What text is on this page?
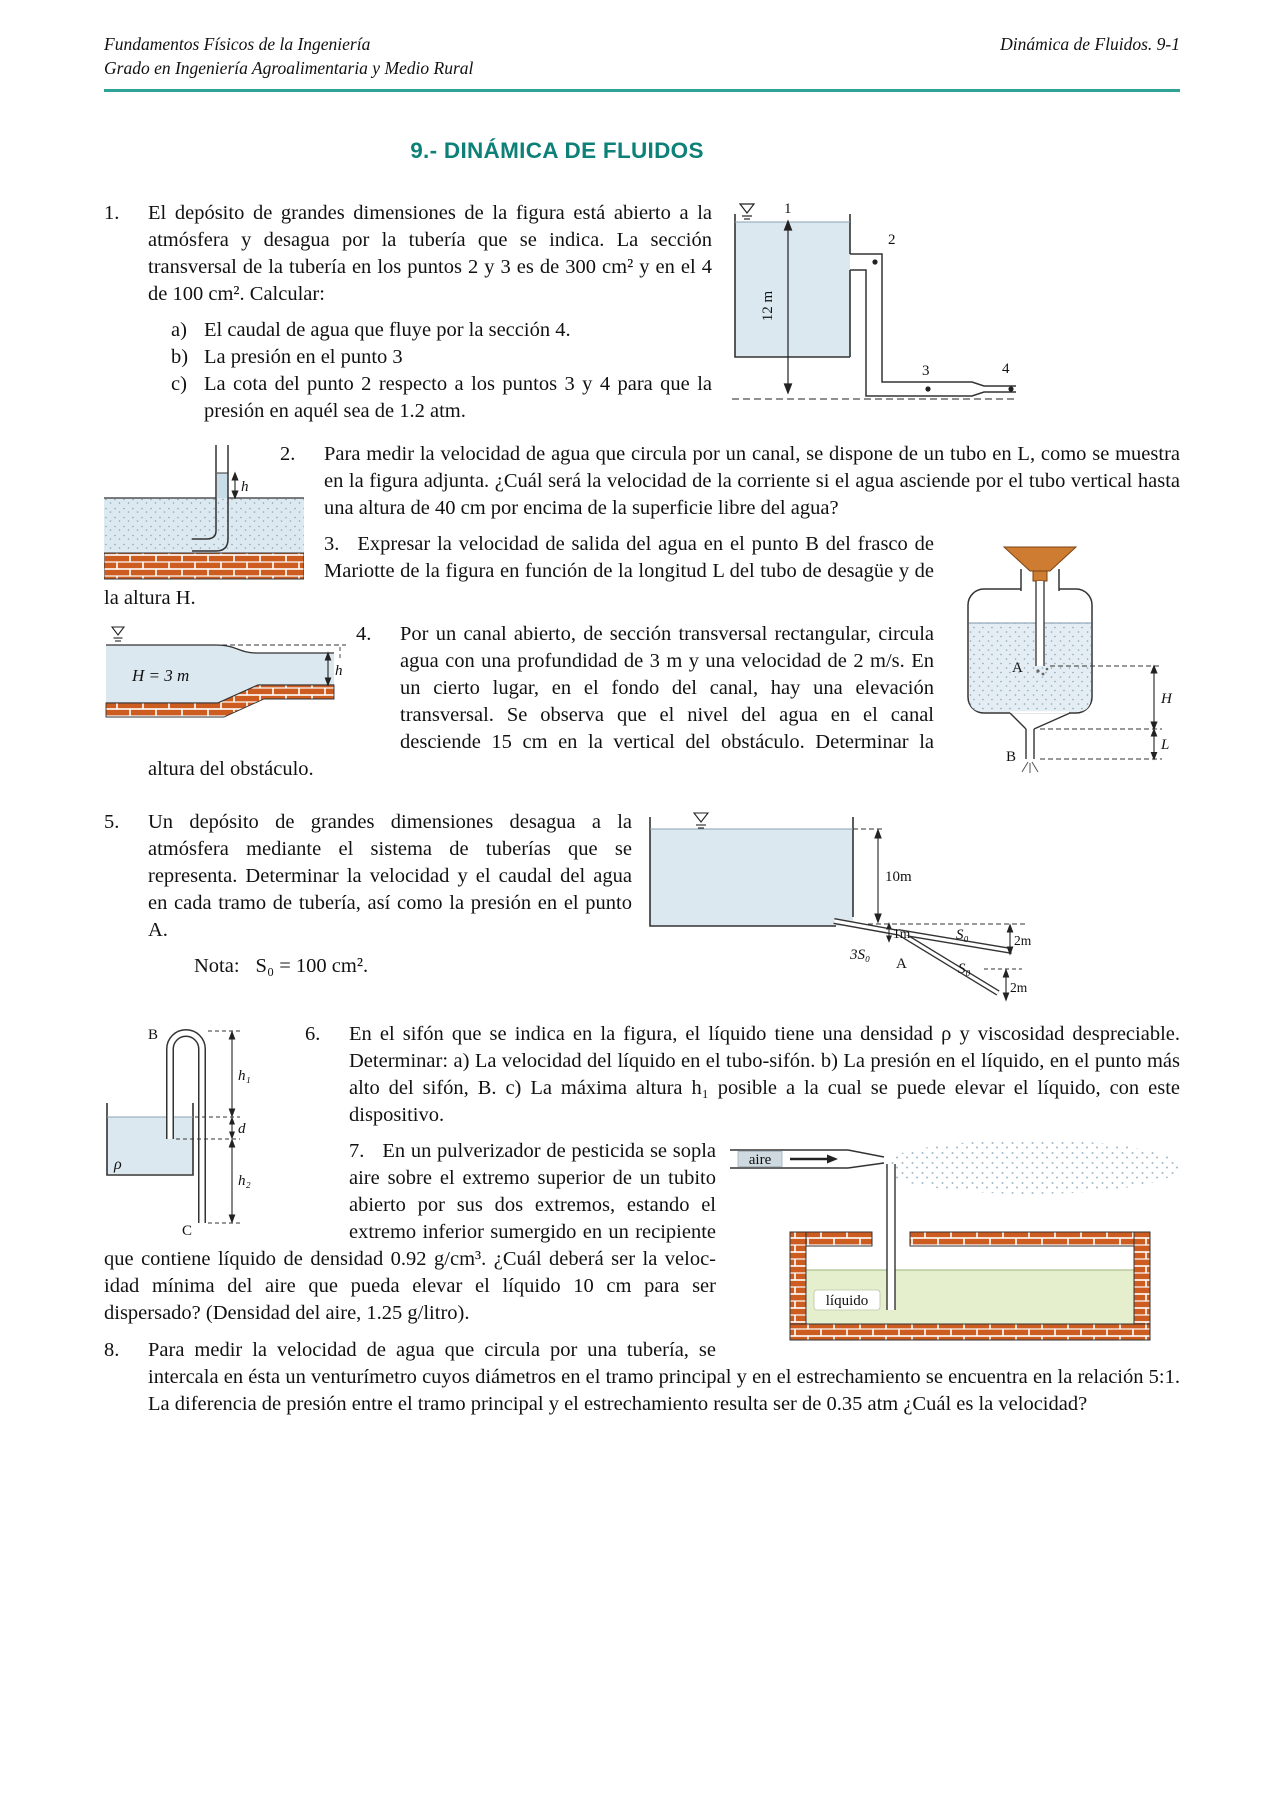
Fundamentos Físicos de la Ingeniería
Grado en Ingeniería Agroalimentaria y Medio Rural
Dinámica de Fluidos. 9-1
9.- DINÁMICA DE FLUIDOS
1
12 m
2
3	4

1. El depósito de grandes dimensiones de la figura está abierto a la atmósfera y desagua por la tubería que se indica. La sección transversal de la tubería en los puntos 2 y 3 es de 300 cm² y en el 4 de 100 cm². Calcular:

a) El caudal de agua que fluye por la sección 4.
b) La presión en el punto 3
c) La cota del punto 2 respecto a los puntos 3 y 4 para que la presión en aquél sea de 1.2 atm.
h

2. Para medir la velocidad de agua que circula por un canal, se dispone de un tubo en L, como se muestra en la figura adjunta. ¿Cuál será la velocidad de la corriente si el agua asciende por el tubo vertical hasta una altura de 40 cm por encima de la superficie libre del agua?

A
B
H
L

3. Expresar la velocidad de salida del agua en el punto B del frasco de Mariotte de la figura en función de la longitud L del tubo de desagüe y de la altura H.

h
H = 3 m

4. Por un canal abierto, de sección transversal rectangular, circula agua con una profundidad de 3 m y una velocidad de 2 m/s. En un cierto lugar, en el fondo del canal, hay una elevación transversal. Se observa que el nivel del agua en el canal desciende 15 cm en la vertical del obstáculo. Determinar la altura del obstáculo.

10m
3S₀
A
1m	S₀	2m
S₀
2m

5. Un depósito de grandes dimensiones desagua a la atmósfera mediante el sistema de tuberías que se representa. Determinar la velocidad y el caudal del agua en cada tramo de tubería, así como la presión en el punto A.

Nota: S₀ = 100 cm².
ρ
B
C
h₁
d
h₂

6. En el sifón que se indica en la figura, el líquido tiene una densidad ρ y viscosidad despreciable. Determinar: a) La velocidad del líquido en el tubo-sifón. b) La presión en el líquido, en el punto más alto del sifón, B. c) La máxima altura h₁ posible a la cual se puede elevar el líquido, con este dispositivo.

aire
líquido

7. En un pulverizador de pesticida se sopla aire sobre el extremo superior de un tubito abierto por sus dos extremos, estando el extremo inferior sumergido en un recipiente que contiene líquido de densidad 0.92 g/cm³. ¿Cuál deberá ser la velocidad mínima del aire que pueda elevar el líquido 10 cm para ser dispersado? (Densidad del aire, 1.25 g/litro).

8. Para medir la velocidad de agua que circula por una tubería, se intercala en ésta un venturímetro cuyos diámetros en el tramo principal y en el estrechamiento se encuentra en la relación 5:1. La diferencia de presión entre el tramo principal y el estrechamiento resulta ser de 0.35 atm ¿Cuál es la velocidad?
